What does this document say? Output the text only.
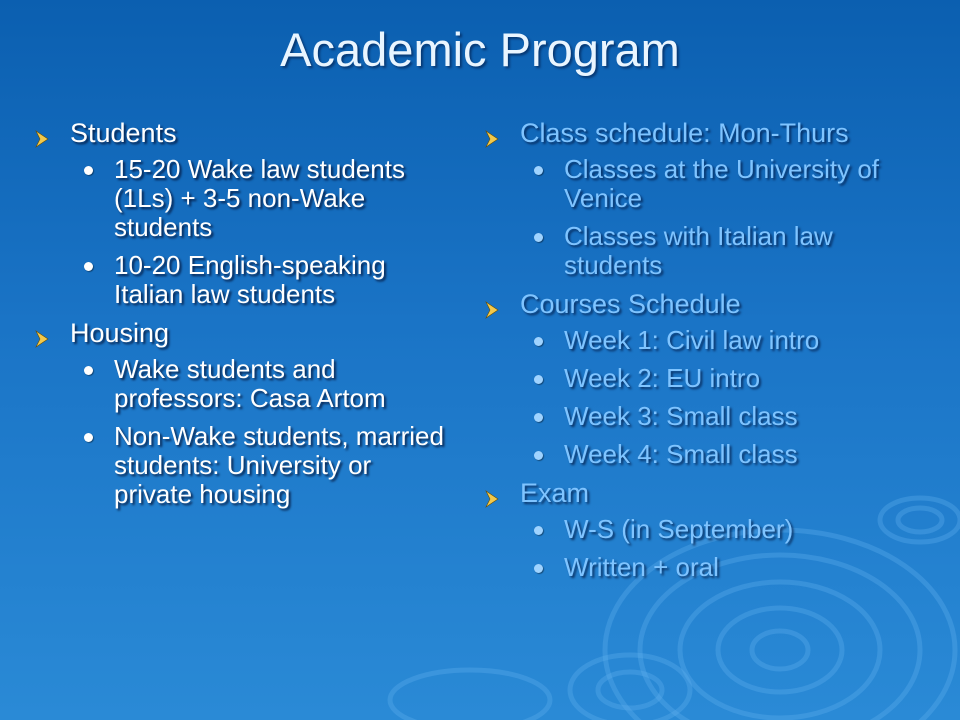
Academic Program
Students
15-20 Wake law students (1Ls) + 3-5 non-Wake students
10-20 English-speaking Italian law students
Housing
Wake students and professors: Casa Artom
Non-Wake students, married students: University or private housing
Class schedule: Mon-Thurs
Classes at the University of Venice
Classes with Italian law students
Courses Schedule
Week 1: Civil law intro
Week 2: EU intro
Week 3: Small class
Week 4: Small class
Exam
W-S (in September)
Written + oral
